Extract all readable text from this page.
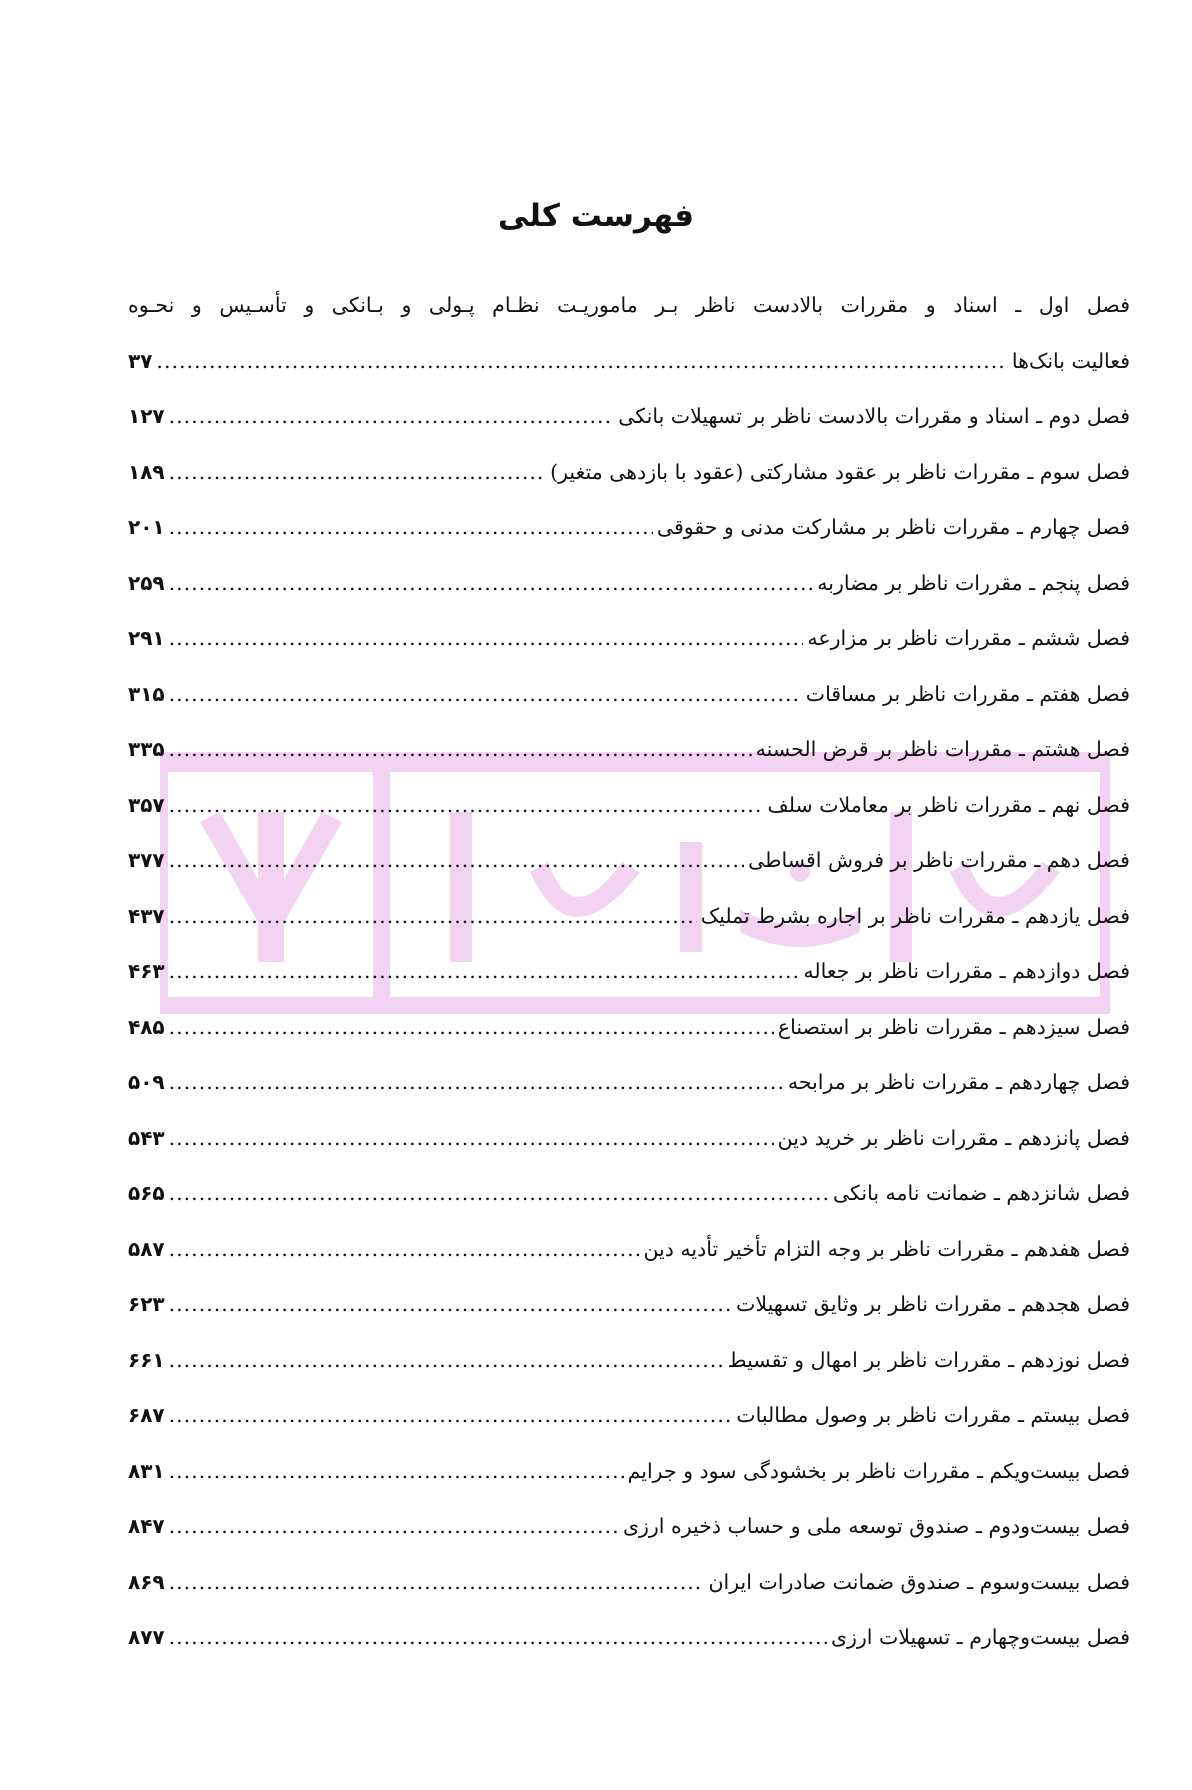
فهرست کلی
فصل اول ـ اسناد و مقررات بالادست ناظر بـر ماموریـت نظـام پـولی و بـانکی و تأسـیس و نحـوه
فعالیت بانک‌ها
.....
۳۷
فصل دوم ـ اسناد و مقررات بالادست ناظر بر تسهیلات بانکی
.....
۱۲۷
فصل سوم ـ مقررات ناظر بر عقود مشارکتی (عقود با بازدهی متغیر)
.....
۱۸۹
فصل چهارم ـ مقررات ناظر بر مشارکت مدنی و حقوقی
.....
۲۰۱
فصل پنجم ـ مقررات ناظر بر مضاربه
.....
۲۵۹
فصل ششم ـ مقررات ناظر بر مزارعه
.....
۲۹۱
فصل هفتم ـ مقررات ناظر بر مساقات
.....
۳۱۵
فصل هشتم ـ مقررات ناظر بر قرض الحسنه
.....
۳۳۵
فصل نهم ـ مقررات ناظر بر معاملات سلف
.....
۳۵۷
فصل دهم ـ مقررات ناظر بر فروش اقساطی
.....
۳۷۷
فصل یازدهم ـ مقررات ناظر بر اجاره بشرط تملیک
.....
۴۳۷
فصل دوازدهم ـ مقررات ناظر بر جعاله
.....
۴۶۳
فصل سیزدهم ـ مقررات ناظر بر استصناع
.....
۴۸۵
فصل چهاردهم ـ مقررات ناظر بر مرابحه
.....
۵۰۹
فصل پانزدهم ـ مقررات ناظر بر خرید دین
.....
۵۴۳
فصل شانزدهم ـ ضمانت نامه بانکی
.....
۵۶۵
فصل هفدهم ـ مقررات ناظر بر وجه التزام تأخیر تأدیه دین
.....
۵۸۷
فصل هجدهم ـ مقررات ناظر بر وثایق تسهیلات
.....
۶۲۳
فصل نوزدهم ـ مقررات ناظر بر امهال و تقسیط
.....
۶۶۱
فصل بیستم ـ مقررات ناظر بر وصول مطالبات
.....
۶۸۷
فصل بیست‌ویکم ـ مقررات ناظر بر بخشودگی سود و جرایم
.....
۸۳۱
فصل بیست‌ودوم ـ صندوق توسعه ملی و حساب ذخیره ارزی
.....
۸۴۷
فصل بیست‌وسوم ـ صندوق ضمانت صادرات ایران
.....
۸۶۹
فصل بیست‌وچهارم ـ تسهیلات ارزی
.....
۸۷۷
